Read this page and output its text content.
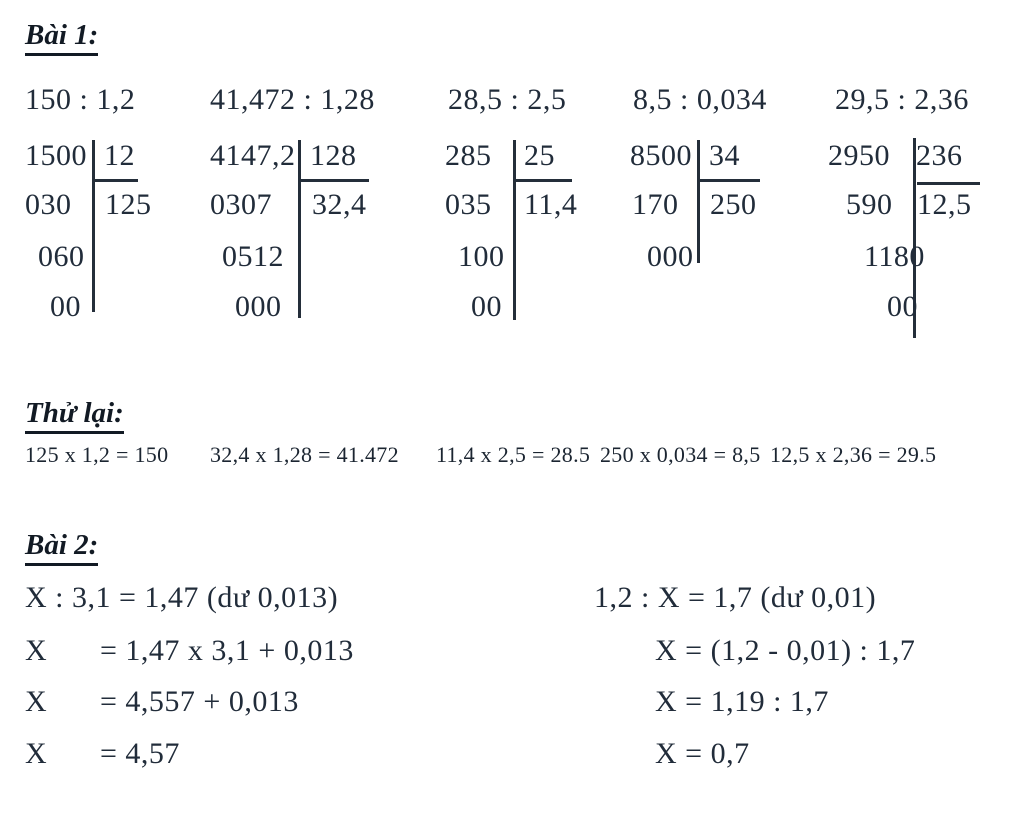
Bài 1:
150 : 1,2 41,472 : 1,28 28,5 : 2,5 8,5 : 0,034 29,5 : 2,36
1500 12
125
030
060
00
4147,2 128
32,4
0307
0512
000
285 25
11,4
035
100
00
8500 34
250
170
000
2950 236
12,5
590
1180
00
Thử lại:
125 x 1,2 = 150 32,4 x 1,28 = 41.472 11,4 x 2,5 = 28.5 250 x 0,034 = 8,5 12,5 x 2,36 = 29.5
Bài 2:
X : 3,1 = 1,47 (dư 0,013)
X = 1,47 x 3,1 + 0,013
X = 4,557 + 0,013
X = 4,57
1,2 : X = 1,7 (dư 0,01)
X = (1,2 - 0,01) : 1,7
X = 1,19 : 1,7
X = 0,7
